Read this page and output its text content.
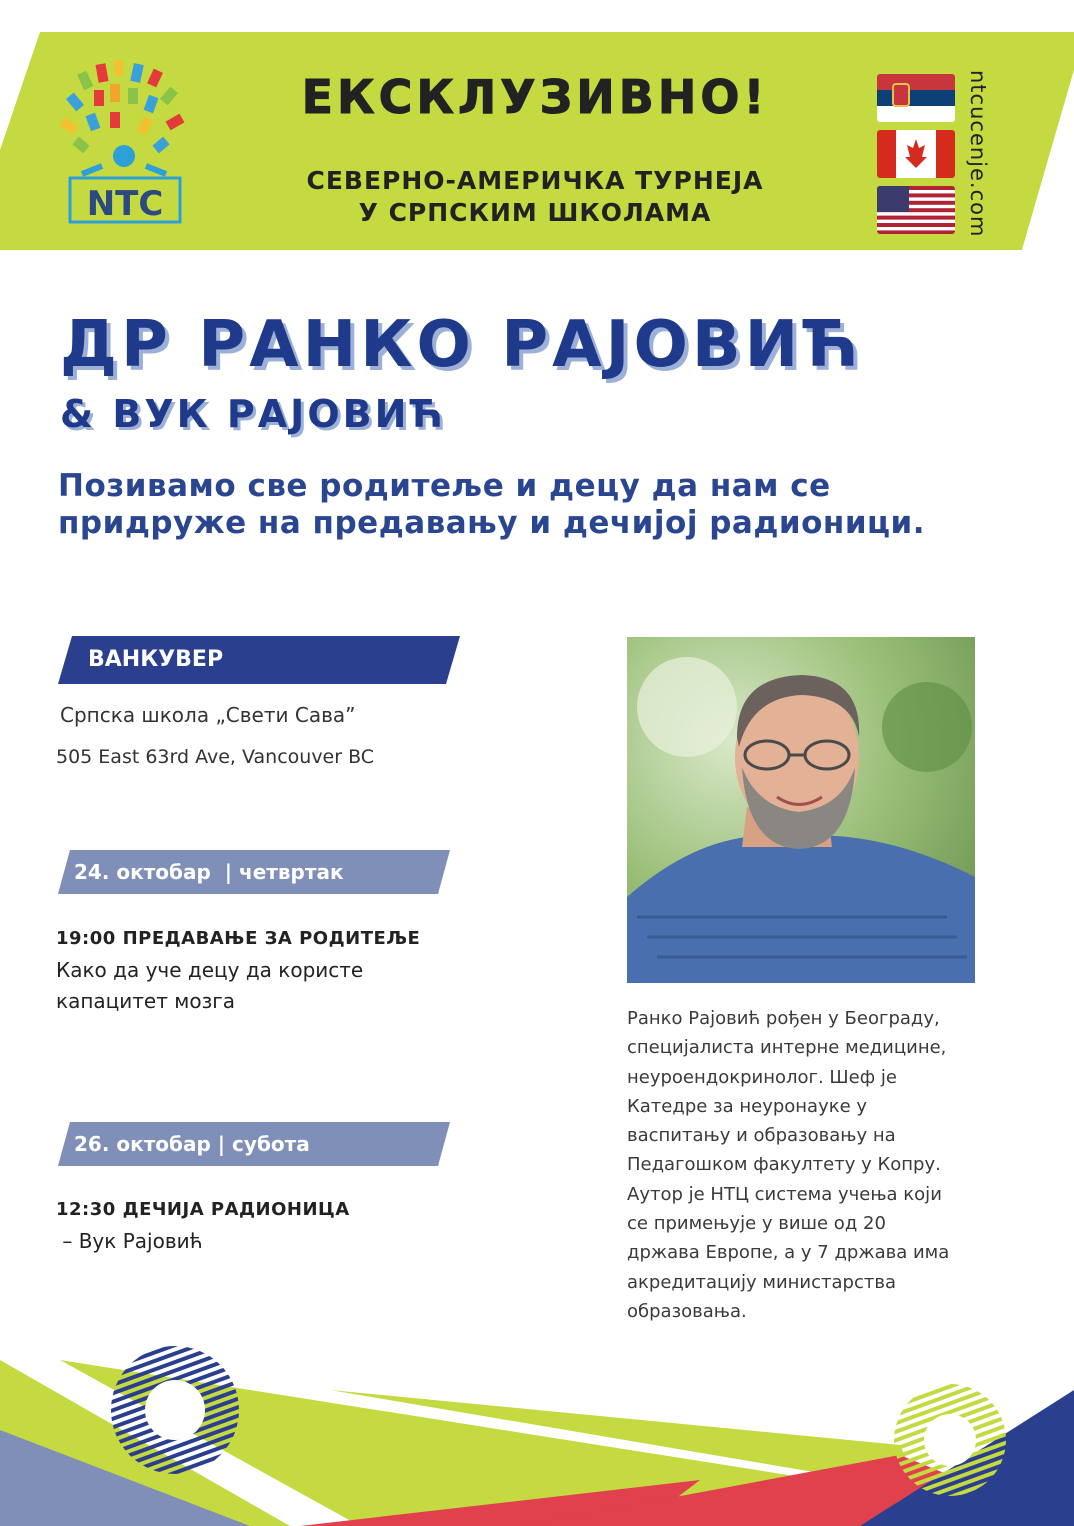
NTC
ЕКСКЛУЗИВНО!
СЕВЕРНО-АМЕРИЧКА ТУРНЕЈА
У СРПСКИМ ШКОЛАМА	ntcucenje.com
ДР РАНКО РАЈОВИЋ
& ВУК РАЈОВИЋ
Позивамо све родитеље и децу да нам се
придруже на предавању и дечијој радионици.
ВАНКУВЕР
Српска школа „Свети Сава”
505 East 63rd Ave, Vancouver BC
24. oктобар  | четвртак
19:00 ПРЕДАВАЊЕ ЗА РОДИТЕЉЕ
Како да уче децу да користе
капацитет мозга
26. oктобар | субота
12:30 ДЕЧИЈА РАДИОНИЦА
– Вук Рајовић
Ранко Рајовић рођен у Београду,
специјалиста интерне медицине,
неуроендокринолог. Шеф је
Катедре за неуронауке у
васпитању и образовању на
Педагошком факултету у Копру.
Аутор је НТЦ система учења који
се примењује у више од 20
држава Европе, а у 7 држава има
акредитацију министарства
образовања.
